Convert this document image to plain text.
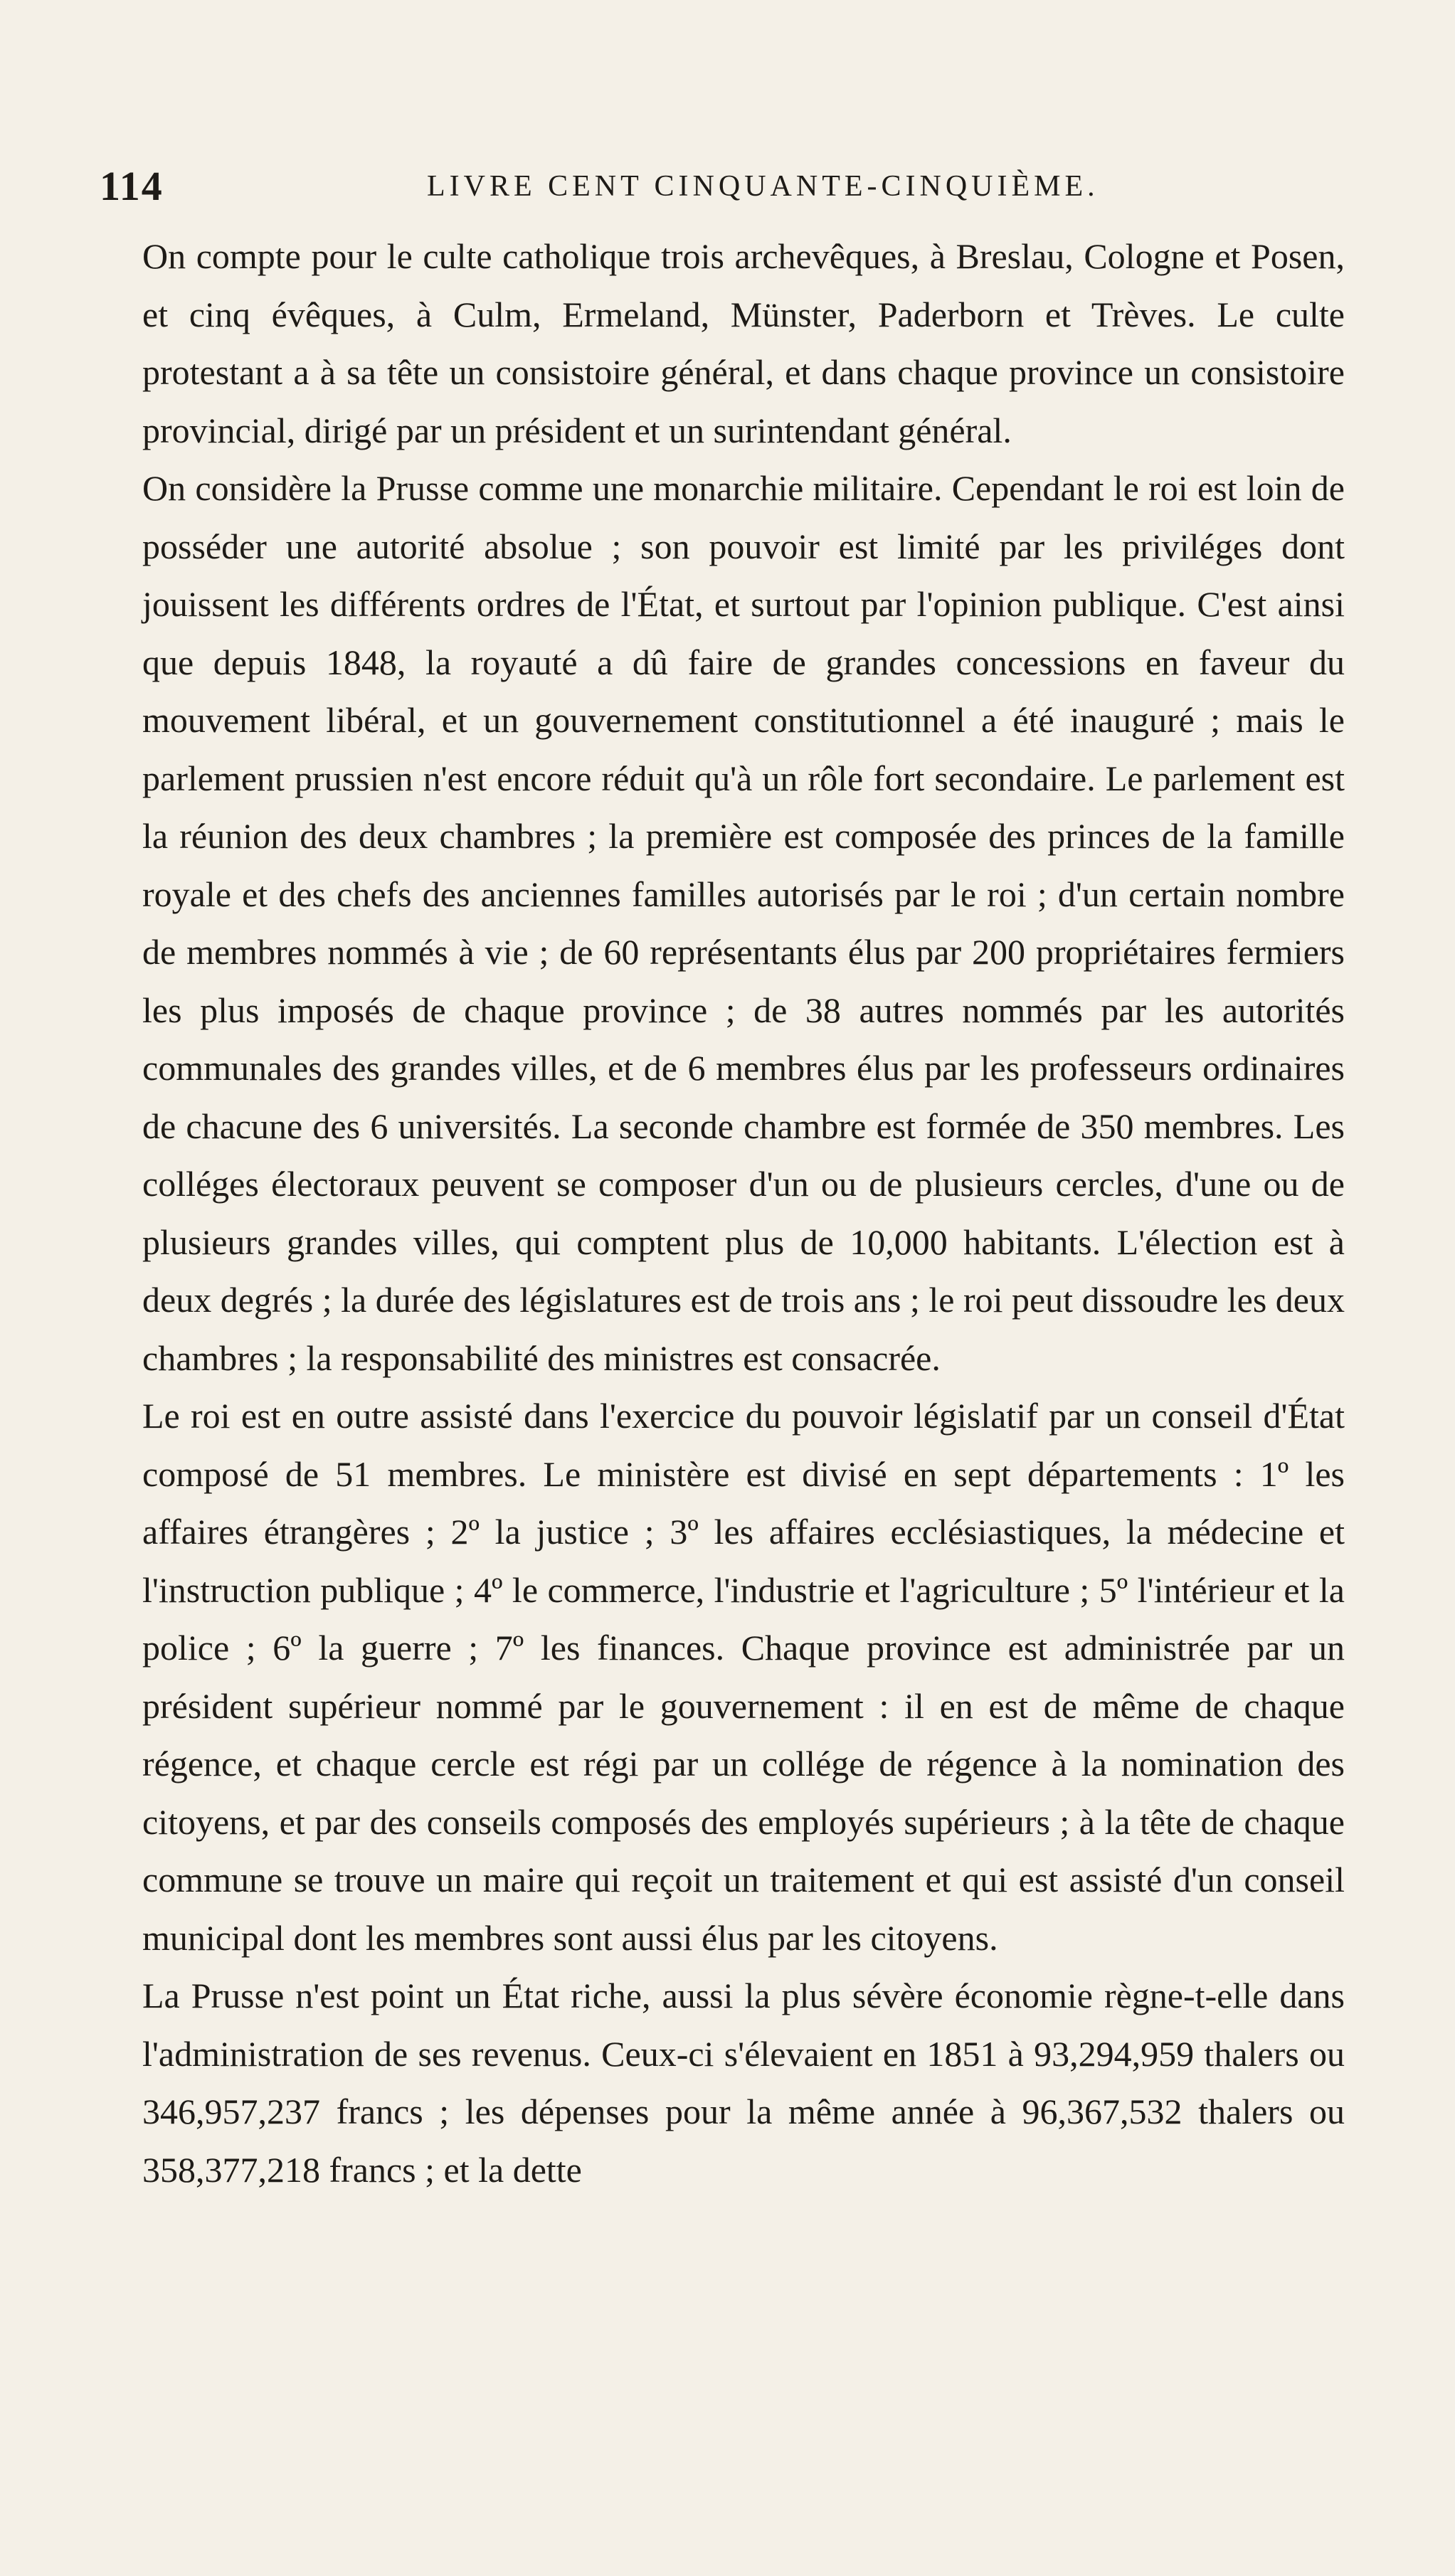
114	LIVRE CENT CINQUANTE-CINQUIÈME.

On compte pour le culte catholique trois archevêques, à Breslau, Cologne et Posen, et cinq évêques, à Culm, Ermeland, Münster, Paderborn et Trèves. Le culte protestant a à sa tête un consistoire général, et dans chaque province un consistoire provincial, dirigé par un président et un surintendant général.

On considère la Prusse comme une monarchie militaire. Cependant le roi est loin de posséder une autorité absolue ; son pouvoir est limité par les priviléges dont jouissent les différents ordres de l'État, et surtout par l'opinion publique. C'est ainsi que depuis 1848, la royauté a dû faire de grandes concessions en faveur du mouvement libéral, et un gouvernement constitutionnel a été inauguré ; mais le parlement prussien n'est encore réduit qu'à un rôle fort secondaire. Le parlement est la réunion des deux chambres ; la première est composée des princes de la famille royale et des chefs des anciennes familles autorisés par le roi ; d'un certain nombre de membres nommés à vie ; de 60 représentants élus par 200 propriétaires fermiers les plus imposés de chaque province ; de 38 autres nommés par les autorités communales des grandes villes, et de 6 membres élus par les professeurs ordinaires de chacune des 6 universités. La seconde chambre est formée de 350 membres. Les colléges électoraux peuvent se composer d'un ou de plusieurs cercles, d'une ou de plusieurs grandes villes, qui comptent plus de 10,000 habitants. L'élection est à deux degrés ; la durée des législatures est de trois ans ; le roi peut dissoudre les deux chambres ; la responsabilité des ministres est consacrée.

Le roi est en outre assisté dans l'exercice du pouvoir législatif par un conseil d'État composé de 51 membres. Le ministère est divisé en sept départements : 1º les affaires étrangères ; 2º la justice ; 3º les affaires ecclésiastiques, la médecine et l'instruction publique ; 4º le commerce, l'industrie et l'agriculture ; 5º l'intérieur et la police ; 6º la guerre ; 7º les finances. Chaque province est administrée par un président supérieur nommé par le gouvernement : il en est de même de chaque régence, et chaque cercle est régi par un collége de régence à la nomination des citoyens, et par des conseils composés des employés supérieurs ; à la tête de chaque commune se trouve un maire qui reçoit un traitement et qui est assisté d'un conseil municipal dont les membres sont aussi élus par les citoyens.

La Prusse n'est point un État riche, aussi la plus sévère économie règne-t-elle dans l'administration de ses revenus. Ceux-ci s'élevaient en 1851 à 93,294,959 thalers ou 346,957,237 francs ; les dépenses pour la même année à 96,367,532 thalers ou 358,377,218 francs ; et la dette
